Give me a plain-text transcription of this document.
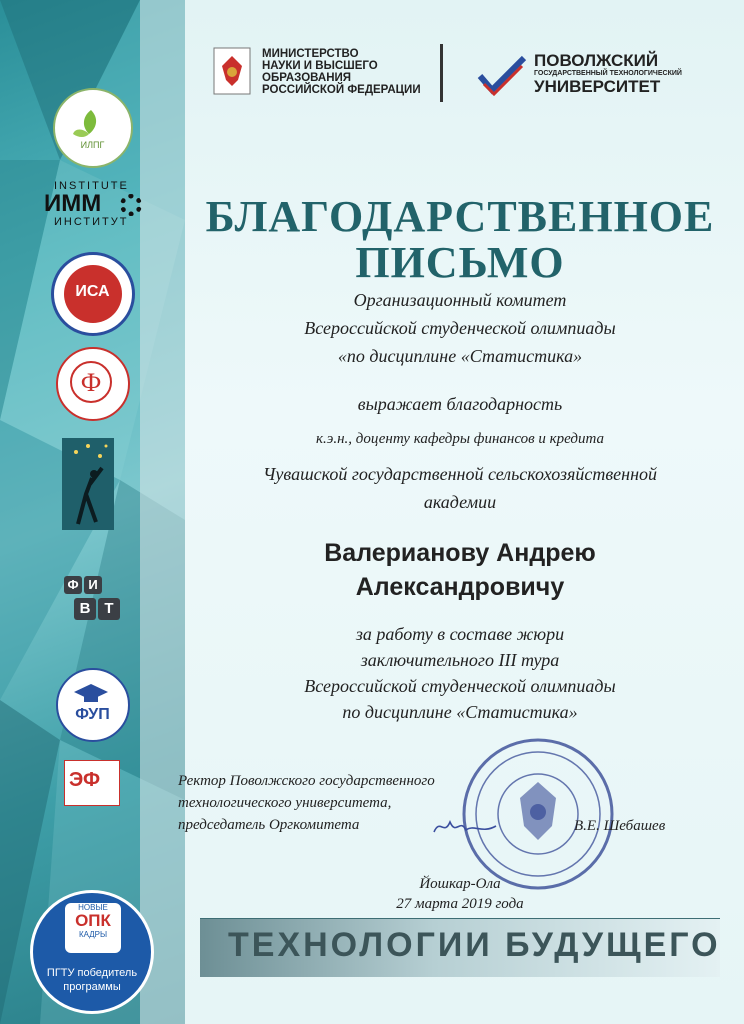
ИЛПГ
INSTITUTE
ИММ
ИНСТИТУТ
ИСА
Ф
Ф И
В Т
ФУП
ЭФ
НОВЫЕ
ОПК
КАДРЫ
ПГТУ победитель
программы
МИНИСТЕРСТВО
НАУКИ И ВЫСШЕГО
ОБРАЗОВАНИЯ
РОССИЙСКОЙ ФЕДЕРАЦИИ
ПОВОЛЖСКИЙ
ГОСУДАРСТВЕННЫЙ ТЕХНОЛОГИЧЕСКИЙ
УНИВЕРСИТЕТ
БЛАГОДАРСТВЕННОЕ
ПИСЬМО
Организационный комитет
Всероссийской студенческой олимпиады
«по дисциплине «Статистика»
выражает благодарность
к.э.н., доценту кафедры финансов и кредита
Чувашской государственной сельскохозяйственной
академии
Валерианову Андрею
Александровичу
за работу в составе жюри
заключительного III тура
Всероссийской студенческой олимпиады
по дисциплине «Статистика»
Ректор Поволжского государственного
технологического университета,
председатель Оргкомитета	В.Е. Шебашев
Йошкар-Ола
27 марта 2019 года
ТЕХНОЛОГИИ БУДУЩЕГО
